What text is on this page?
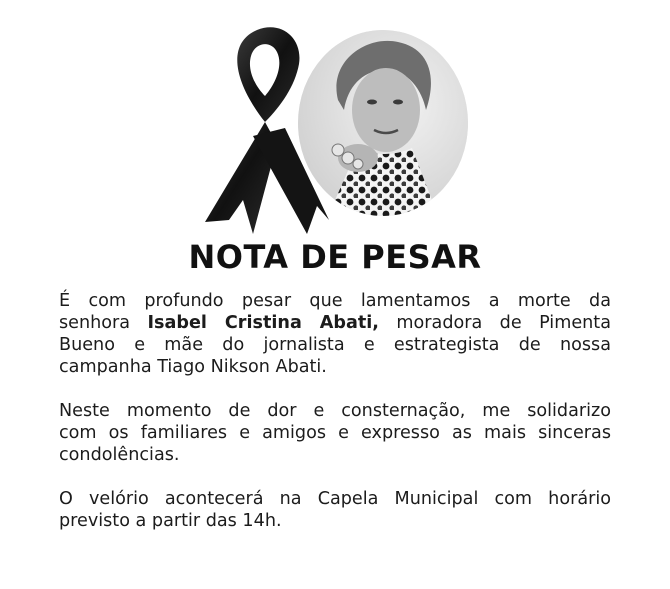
NOTA DE PESAR

É com profundo pesar que lamentamos a morte da
senhora Isabel Cristina Abati, moradora de Pimenta
Bueno e mãe do jornalista e estrategista de nossa
campanha Tiago Nikson Abati.

Neste momento de dor e consternação, me solidarizo
com os familiares e amigos e expresso as mais sinceras
condolências.

O velório acontecerá na Capela Municipal com horário
previsto a partir das 14h.
